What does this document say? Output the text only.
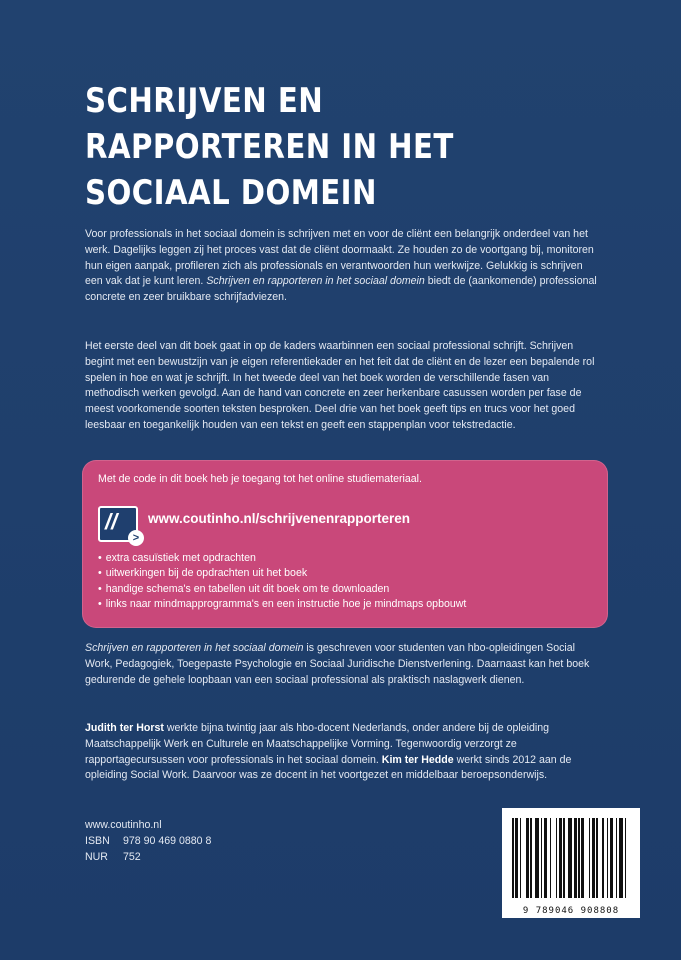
SCHRIJVEN EN
RAPPORTEREN IN HET
SOCIAAL DOMEIN

Voor professionals in het sociaal domein is schrijven met en voor de cliënt een belangrijk onderdeel van het werk. Dagelijks leggen zij het proces vast dat de cliënt doormaakt. Ze houden zo de voortgang bij, monitoren hun eigen aanpak, profileren zich als professionals en verantwoorden hun werkwijze. Gelukkig is schrijven een vak dat je kunt leren. Schrijven en rapporteren in het sociaal domein biedt de (aankomende) professional concrete en zeer bruikbare schrijfadviezen.

Het eerste deel van dit boek gaat in op de kaders waarbinnen een sociaal professional schrijft. Schrijven begint met een bewustzijn van je eigen referentiekader en het feit dat de cliënt en de lezer een bepalende rol spelen in hoe en wat je schrijft. In het tweede deel van het boek worden de verschillende fasen van methodisch werken gevolgd. Aan de hand van concrete en zeer herkenbare casussen worden per fase de meest voorkomende soorten teksten besproken. Deel drie van het boek geeft tips en trucs voor het goed leesbaar en toegankelijk houden van een tekst en geeft een stappenplan voor tekstredactie.

Met de code in dit boek heb je toegang tot het online studiemateriaal.
//
>
www.coutinho.nl/schrijvenenrapporteren
• extra casuïstiek met opdrachten
• uitwerkingen bij de opdrachten uit het boek
• handige schema's en tabellen uit dit boek om te downloaden
• links naar mindmapprogramma's en een instructie hoe je mindmaps opbouwt

Schrijven en rapporteren in het sociaal domein is geschreven voor studenten van hbo-opleidingen Social Work, Pedagogiek, Toegepaste Psychologie en Sociaal Juridische Dienstverlening. Daarnaast kan het boek gedurende de gehele loopbaan van een sociaal professional als praktisch naslagwerk dienen.

Judith ter Horst werkte bijna twintig jaar als hbo-docent Nederlands, onder andere bij de opleiding Maatschappelijk Werk en Culturele en Maatschappelijke Vorming. Tegenwoordig verzorgt ze rapportagecursussen voor professionals in het sociaal domein. Kim ter Hedde werkt sinds 2012 aan de opleiding Social Work. Daarvoor was ze docent in het voortgezet en middelbaar beroepsonderwijs.

www.coutinho.nl
ISBN	978 90 469 0880 8
NUR	752
9 789046 908808
